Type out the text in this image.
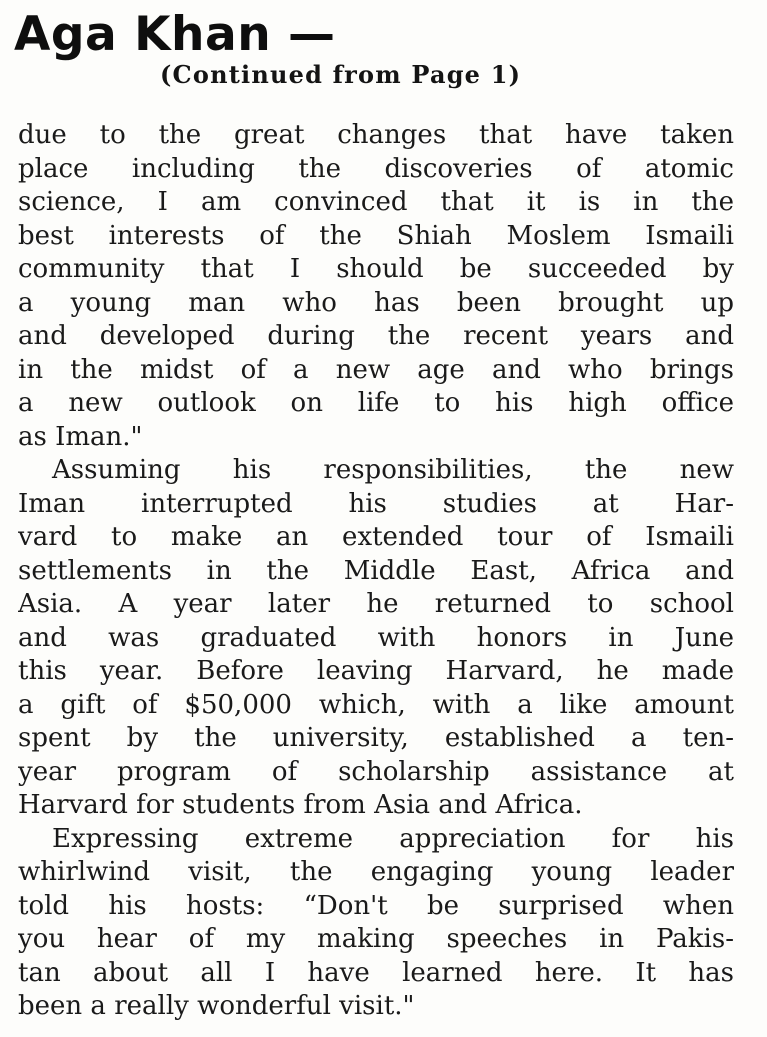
Aga Khan —
(Continued from Page 1)
due to the great changes that have taken
place including the discoveries of atomic
science, I am convinced that it is in the
best interests of the Shiah Moslem Ismaili
community that I should be succeeded by
a young man who has been brought up
and developed during the recent years and
in the midst of a new age and who brings
a new outlook on life to his high office
as Iman."
Assuming his responsibilities, the new
Iman interrupted his studies at Har-
vard to make an extended tour of Ismaili
settlements in the Middle East, Africa and
Asia. A year later he returned to school
and was graduated with honors in June
this year. Before leaving Harvard, he made
a gift of $50,000 which, with a like amount
spent by the university, established a ten-
year program of scholarship assistance at
Harvard for students from Asia and Africa.
Expressing extreme appreciation for his
whirlwind visit, the engaging young leader
told his hosts: “Don't be surprised when
you hear of my making speeches in Pakis-
tan about all I have learned here. It has
been a really wonderful visit."
